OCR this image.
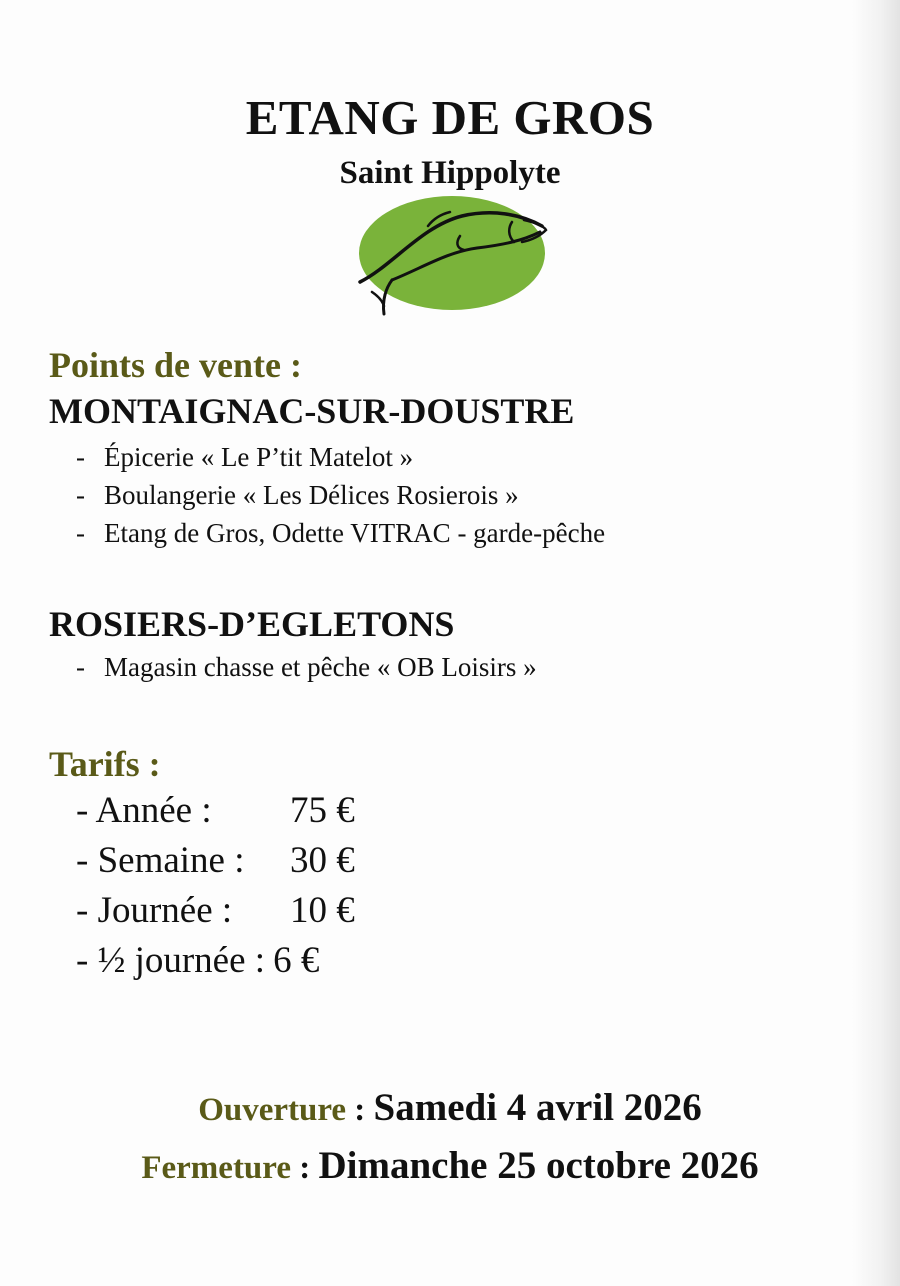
ETANG DE GROS
Saint Hippolyte

Points de vente :

MONTAIGNAC-SUR-DOUSTRE

- Épicerie « Le P’tit Matelot »
- Boulangerie « Les Délices Rosierois »
- Etang de Gros, Odette VITRAC - garde-pêche

ROSIERS-D’EGLETONS

- Magasin chasse et pêche « OB Loisirs »

Tarifs :

- Année : 75 €
- Semaine : 30 €
- Journée : 10 €
- ½ journée : 6 €

Ouverture : Samedi 4 avril 2026

Fermeture : Dimanche 25 octobre 2026
